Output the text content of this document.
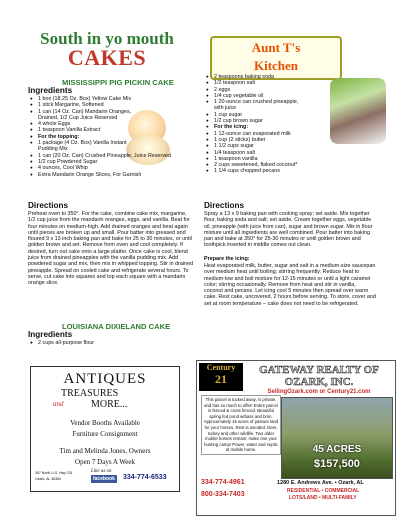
South in yo mouth
CAKES	Aunt T's
Kitchen
MISSISSIPPI PIG PICKIN CAKE
Ingredients
● 1 box (18.25 Oz. Box) Yellow Cake Mix
● 1 stick Margarine, Softened
● 1 can (14 Oz. Can) Mandarin Oranges, Drained, 1/2 Cup Juice Reserved
● 4 whole Eggs
● 1 teaspoon Vanilla Extract
● For the topping:
● 1 package (4 Oz. Box) Vanilla Instant Pudding Mix
● 1 can (20 Oz. Can) Crushed Pineapple, Juice Reserved
● 1/2 cup Powdered Sugar
● 4 ounces, Cool Whip
● Extra Mandarin Orange Slices, For Garnish
Directions
Preheat oven to 350°. For the cake, combine cake mix, margarine, 1/2 cup juice from the mandarin oranges, eggs, and vanilla. Beat for four minutes on medium-high. Add drained oranges and beat again until pieces are broken up and small. Pour batter into greased and floured 9 x 13 inch baking pan and bake for 25 to 30 minutes, or until golden brown and set. Remove from oven and cool completely. If desired, turn out cake onto a large platter. Once cake is cool, blend juice from drained pineapples with the vanilla pudding mix. Add powdered sugar and mix, then mix in whipped topping. Stir in drained pineapple. Spread on cooled cake and refrigerate several hours. To serve, cut cake into squares and top each square with a mandarin orange slice.
LOUISIANA DIXIELAND CAKE
Ingredients
● 2 cups all-purpose flour
● 2 teaspoons baking soda
● 1/2 teaspoon salt
● 2 eggs
● 1/4 cup vegetable oil
● 1 20-ounce can crushed pineapple, with juice
● 1 cup sugar
● 1/2 cup brown sugar
● For the icing:
● 1 12-ounce can evaporated milk
● 1 cup (2 sticks) butter
● 1 1/2 cups sugar
● 1/4 teaspoon salt
● 1 teaspoon vanilla
● 2 cups sweetened, flaked coconut*
● 1 1/4 cups chopped pecans
Directions
Spray a 13 x 9 baking pan with cooking spray; set aside. Mix together flour, baking soda and salt; set aside. Cream together eggs, vegetable oil, pineapple (with juice from can), sugar and brown sugar. Mix in flour mixture until all ingredients are well combined. Pour batter into baking pan and bake at 350° for 25-30 minutes or until golden brown and toothpick inserted in middle comes out clean.
Prepare the icing:
Heat evaporated milk, butter, sugar and salt in a medium-size saucepan over medium heat until boiling; stirring frequently. Reduce heat to medium-low and boil mixture for 12-15 minutes or until a light caramel color; stirring occasionally. Remove from heat and stir in vanilla, coconut and pecans. Let icing cool 5 minutes then spread over warm cake. Rest cake, uncovered, 2 hours before serving. To store, cover and set at room temperature – cake does not need to be refrigerated.
ANTIQUES
TREASURES
and	MORE...
Vendor Booths Available
Furniture Consignment
Tim and Melinda Jones, Owners
Open 7 Days A Week
Like us on
facebook 334-774-6533
367 North U.S. Hwy 231
Ozark, AL 36360
Century
21
GATEWAY REALTY OF OZARK, INC.
SellingOzark.com or Century21.com
This parcel is tucked away, is private, and has so much to offer! Entire parcel is fenced & cross fenced. Beautiful spring fed pond w/bass and brim. Approximately 15 acres of pasture land for your horses. Rest is wooded. Deer, turkey and other wildlife. Two older mobile homes remain; make one your hunting camp! Power, water and septic at mobile home.	45 ACRES
$157,500
334-774-4961
800-334-7403
1280 E. Andrews Ave. • Ozark, AL
RESIDENTIAL • COMMERCIAL
LOTS/LAND • MULTI-FAMILY
